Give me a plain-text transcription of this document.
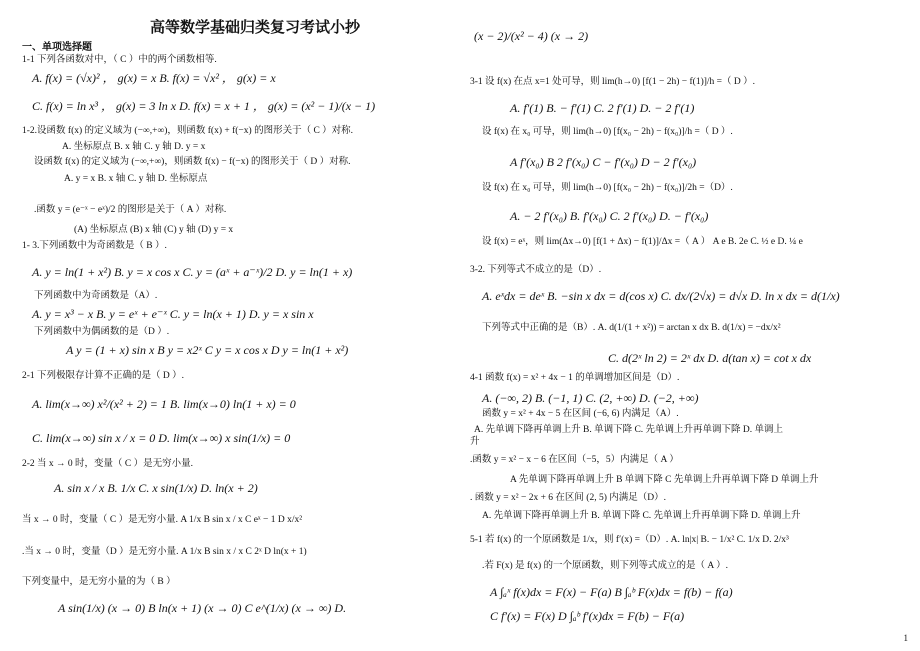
高等数学基础归类复习考试小抄
一、单项选择题
1-1 下列各函数对中，（ C ）中的两个函数相等.
A. f(x) = (√x)² ， g(x) = x B. f(x) = √x² ， g(x) = x
C. f(x) = ln x³ ， g(x) = 3 ln x D. f(x) = x + 1 ， g(x) = (x² − 1)/(x − 1)
1-2.设函数 f(x) 的定义域为 (−∞,+∞)，则函数 f(x) + f(−x) 的图形关于（ C ）对称.
A. 坐标原点 B. x 轴 C. y 轴 D. y = x
设函数 f(x) 的定义域为 (−∞,+∞)，则函数 f(x) − f(−x) 的图形关于（ D ）对称.
A. y = x B. x 轴 C. y 轴 D. 坐标原点
.函数 y = (e⁻ˣ − eˣ)/2 的图形是关于（ A ）对称.
(A) 坐标原点 (B) x 轴 (C) y 轴 (D) y = x
1- 3.下列函数中为奇函数是（ B ）.
A. y = ln(1 + x²) B. y = x cos x C. y = (aˣ + a⁻ˣ)/2 D. y = ln(1 + x)
下列函数中为奇函数是（A）.
A. y = x³ − x B. y = eˣ + e⁻ˣ C. y = ln(x + 1) D. y = x sin x
下列函数中为偶函数的是（D ）.
A y = (1 + x) sin x B y = x2ˣ C y = x cos x D y = ln(1 + x²)
2-1 下列极限存计算不正确的是（ D ）.
A. lim(x→∞) x²/(x² + 2) = 1 B. lim(x→0) ln(1 + x) = 0
C. lim(x→∞) sin x / x = 0 D. lim(x→∞) x sin(1/x) = 0
2-2 当 x → 0 时，变量（ C ）是无穷小量.
A. sin x / x B. 1/x C. x sin(1/x) D. ln(x + 2)
当 x → 0 时，变量（ C ）是无穷小量. A 1/x B sin x / x C eˣ − 1 D x/x²
.当 x → 0 时，变量（D ）是无穷小量. A 1/x B sin x / x C 2ˣ D ln(x + 1)
下列变量中，是无穷小量的为（ B ）
A sin(1/x) (x → 0) B ln(x + 1) (x → 0) C e^(1/x) (x → ∞) D.
(x − 2)/(x² − 4) (x → 2)
3-1 设 f(x) 在点 x=1 处可导，则 lim(h→0) [f(1 − 2h) − f(1)]/h =（ D ）.
A. f′(1) B. − f′(1) C. 2 f′(1) D. − 2 f′(1)
设 f(x) 在 x₀ 可导，则 lim(h→0) [f(x₀ − 2h) − f(x₀)]/h =（ D ）.
A f′(x₀) B 2 f′(x₀) C − f′(x₀) D − 2 f′(x₀)
设 f(x) 在 x₀ 可导，则 lim(h→0) [f(x₀ − 2h) − f(x₀)]/2h =（D）.
A. − 2 f′(x₀) B. f′(x₀) C. 2 f′(x₀) D. − f′(x₀)
设 f(x) = eˣ，则 lim(Δx→0) [f(1 + Δx) − f(1)]/Δx =（ A ） A e B. 2e C. ½ e D. ¼ e
3-2. 下列等式不成立的是（D）.
A. eˣdx = deˣ B. −sin x dx = d(cos x) C. dx/(2√x) = d√x D. ln x dx = d(1/x)
下列等式中正确的是（B）. A. d(1/(1 + x²)) = arctan x dx B. d(1/x) = −dx/x²
C. d(2ˣ ln 2) = 2ˣ dx D. d(tan x) = cot x dx
4-1 函数 f(x) = x² + 4x − 1 的单调增加区间是（D）.
A. (−∞, 2) B. (−1, 1) C. (2, +∞) D. (−2, +∞)
函数 y = x² + 4x − 5 在区间 (−6, 6) 内满足（A）.
A. 先单调下降再单调上升 B. 单调下降 C. 先单调上升再单调下降 D. 单调上
升
.函数 y = x² − x − 6 在区间（−5，5）内满足（ A ）
A 先单调下降再单调上升 B 单调下降 C 先单调上升再单调下降 D 单调上升
. 函数 y = x² − 2x + 6 在区间 (2, 5) 内满足（D）.
A. 先单调下降再单调上升 B. 单调下降 C. 先单调上升再单调下降 D. 单调上升
5-1 若 f(x) 的一个原函数是 1/x，则 f′(x) =（D）. A. ln|x| B. − 1/x² C. 1/x D. 2/x³
.若 F(x) 是 f(x) 的一个原函数，则下列等式成立的是（ A ）.
A ∫ₐˣ f(x)dx = F(x) − F(a) B ∫ₐᵇ F(x)dx = f(b) − f(a)
C f′(x) = F(x) D ∫ₐᵇ f′(x)dx = F(b) − F(a)
1
